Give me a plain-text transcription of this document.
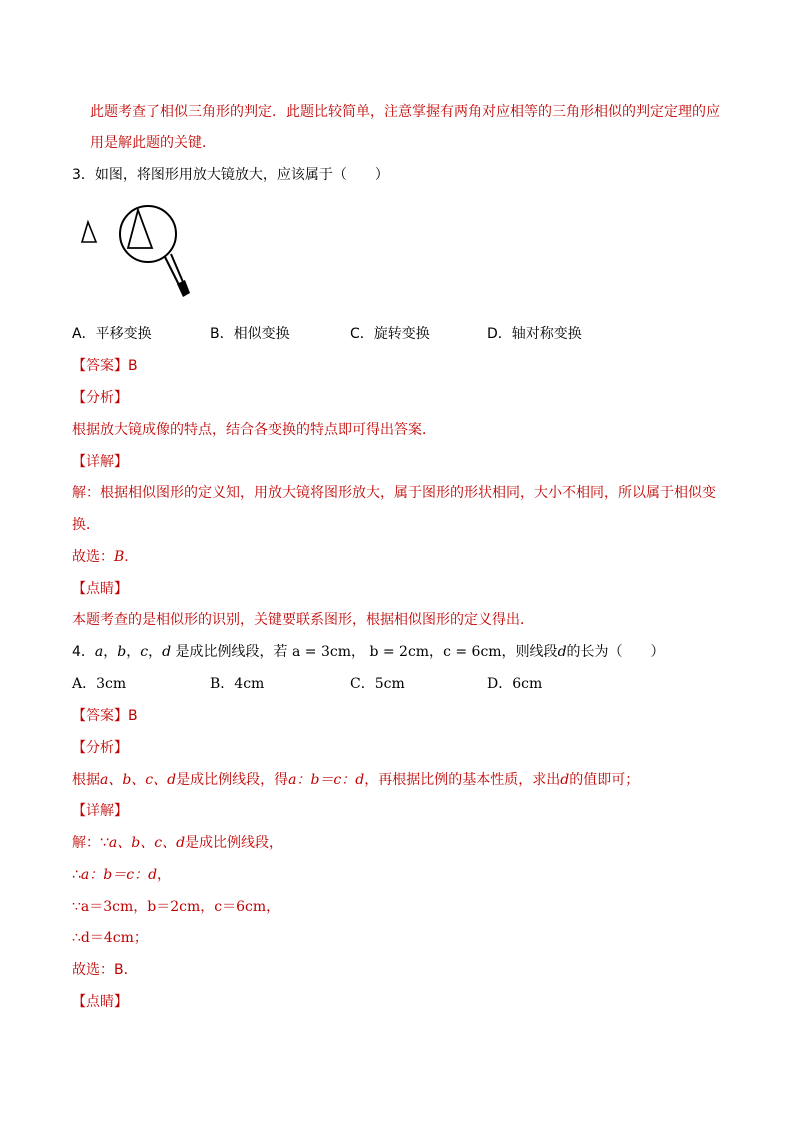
此题考查了相似三角形的判定．此题比较简单，注意掌握有两角对应相等的三角形相似的判定定理的应
用是解此题的关键．
3．如图，将图形用放大镜放大，应该属于（　　）
A．平移变换	B．相似变换	C．旋转变换	D．轴对称变换
【答案】B
【分析】
根据放大镜成像的特点，结合各变换的特点即可得出答案．
【详解】
解：根据相似图形的定义知，用放大镜将图形放大，属于图形的形状相同，大小不相同，所以属于相似变
换．
故选：B．
【点睛】
本题考查的是相似形的识别，关键要联系图形，根据相似图形的定义得出．
4．a，b，c，d 是成比例线段，若 a = 3cm， b = 2cm，c = 6cm，则线段d的长为（　　）
A．3cm	B．4cm	C．5cm	D．6cm
【答案】B
【分析】
根据a、b、c、d是成比例线段，得a：b＝c：d，再根据比例的基本性质，求出d的值即可；
【详解】
解：∵a、b、c、d是成比例线段，
∴a：b＝c：d，
∵a＝3cm，b＝2cm，c＝6cm，
∴d＝4cm；
故选：B．
【点睛】
